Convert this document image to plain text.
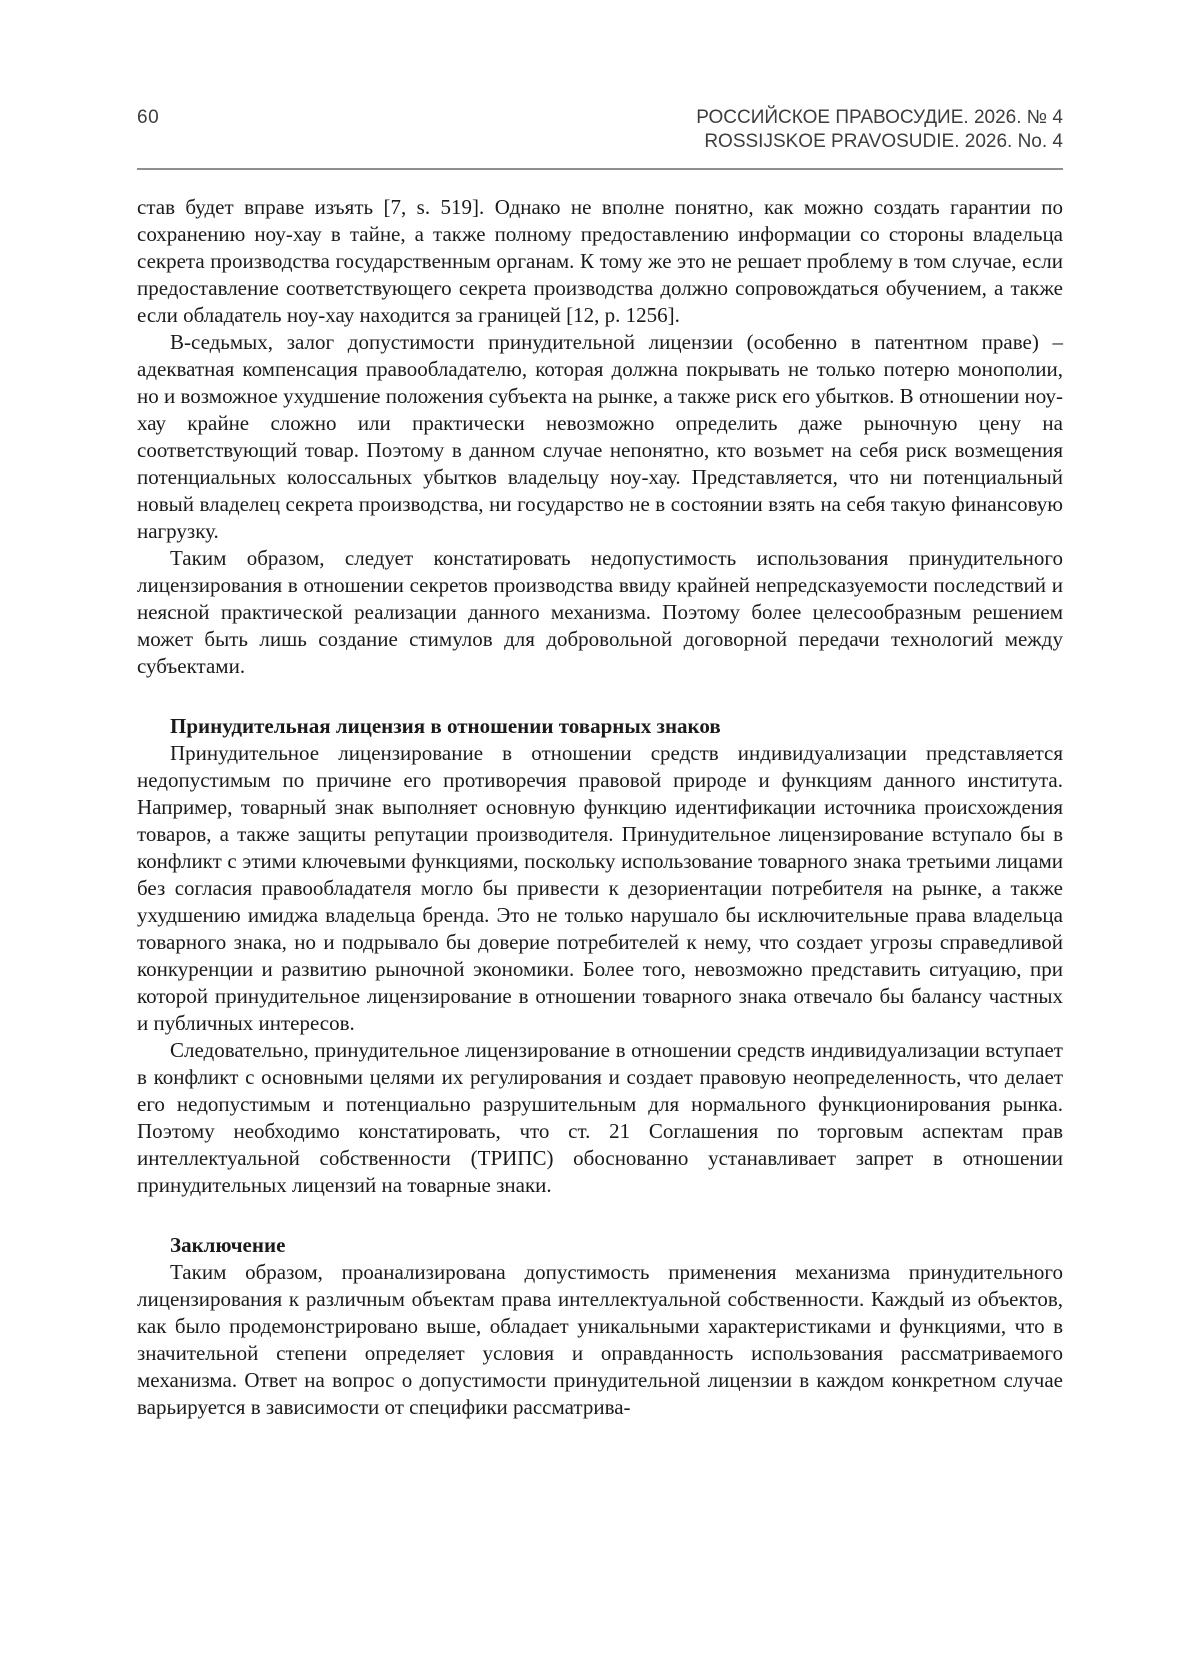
60	РОССИЙСКОЕ ПРАВОСУДИЕ. 2026. № 4
ROSSIJSKOE PRAVOSUDIE. 2026. No. 4

став будет вправе изъять [7, s. 519]. Однако не вполне понятно, как можно создать гарантии по сохранению ноу-хау в тайне, а также полному предоставлению информации со стороны владельца секрета производства государственным органам. К тому же это не решает проблему в том случае, если предоставление соответствующего секрета производства должно сопровождаться обучением, а также если обладатель ноу-хау находится за границей [12, p. 1256].

В-седьмых, залог допустимости принудительной лицензии (особенно в патентном праве) – адекватная компенсация правообладателю, которая должна покрывать не только потерю монополии, но и возможное ухудшение положения субъекта на рынке, а также риск его убытков. В отношении ноу-хау крайне сложно или практически невозможно определить даже рыночную цену на соответствующий товар. Поэтому в данном случае непонятно, кто возьмет на себя риск возмещения потенциальных колоссальных убытков владельцу ноу-хау. Представляется, что ни потенциальный новый владелец секрета производства, ни государство не в состоянии взять на себя такую финансовую нагрузку.

Таким образом, следует констатировать недопустимость использования принудительного лицензирования в отношении секретов производства ввиду крайней непредсказуемости последствий и неясной практической реализации данного механизма. Поэтому более целесообразным решением может быть лишь создание стимулов для добровольной договорной передачи технологий между субъектами.

Принудительная лицензия в отношении товарных знаков

Принудительное лицензирование в отношении средств индивидуализации представляется недопустимым по причине его противоречия правовой природе и функциям данного института. Например, товарный знак выполняет основную функцию идентификации источника происхождения товаров, а также защиты репутации производителя. Принудительное лицензирование вступало бы в конфликт с этими ключевыми функциями, поскольку использование товарного знака третьими лицами без согласия правообладателя могло бы привести к дезориентации потребителя на рынке, а также ухудшению имиджа владельца бренда. Это не только нарушало бы исключительные права владельца товарного знака, но и подрывало бы доверие потребителей к нему, что создает угрозы справедливой конкуренции и развитию рыночной экономики. Более того, невозможно представить ситуацию, при которой принудительное лицензирование в отношении товарного знака отвечало бы балансу частных и публичных интересов.

Следовательно, принудительное лицензирование в отношении средств индивидуализации вступает в конфликт с основными целями их регулирования и создает правовую неопределенность, что делает его недопустимым и потенциально разрушительным для нормального функционирования рынка. Поэтому необходимо констатировать, что ст. 21 Соглашения по торговым аспектам прав интеллектуальной собственности (ТРИПС) обоснованно устанавливает запрет в отношении принудительных лицензий на товарные знаки.

Заключение

Таким образом, проанализирована допустимость применения механизма принудительного лицензирования к различным объектам права интеллектуальной собственности. Каждый из объектов, как было продемонстрировано выше, обладает уникальными характеристиками и функциями, что в значительной степени определяет условия и оправданность использования рассматриваемого механизма. Ответ на вопрос о допустимости принудительной лицензии в каждом конкретном случае варьируется в зависимости от специфики рассматрива-
